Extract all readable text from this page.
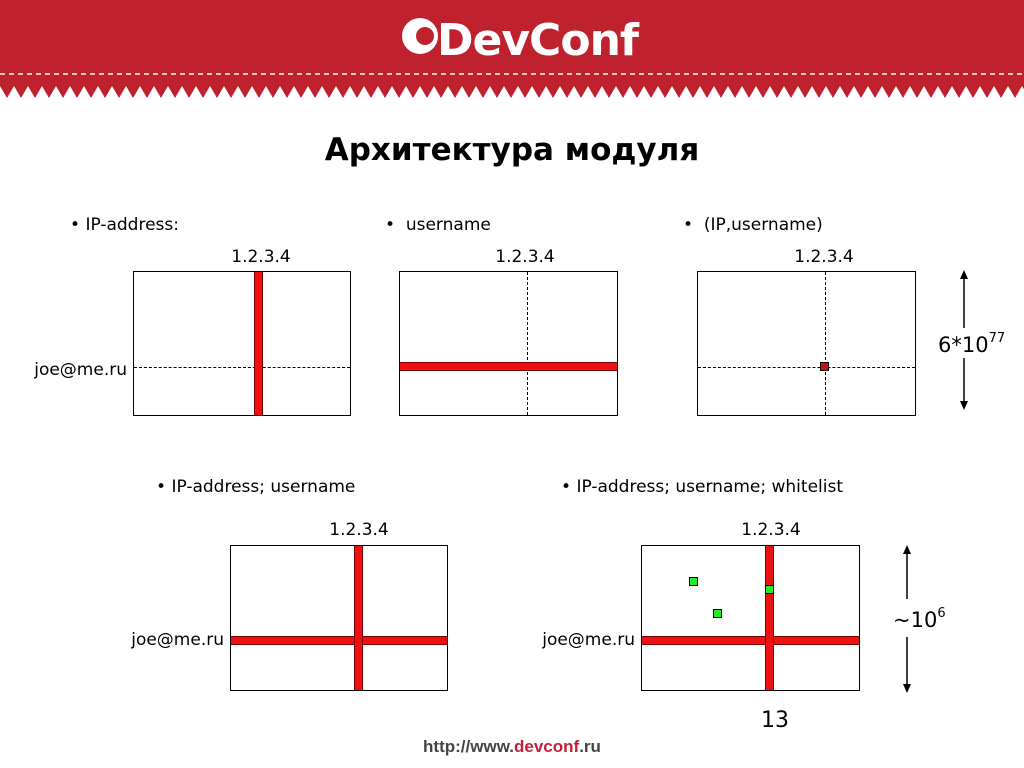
DevConf
Архитектура модуля
• IP-address:
1.2.3.4
joe@me.ru
•  username
1.2.3.4
•  (IP,username)
1.2.3.4
$6*10^{77}$
• IP-address; username
1.2.3.4
joe@me.ru
• IP-address; username; whitelist
1.2.3.4
joe@me.ru
$\sim 10^6$
13
http://www.devconf.ru
